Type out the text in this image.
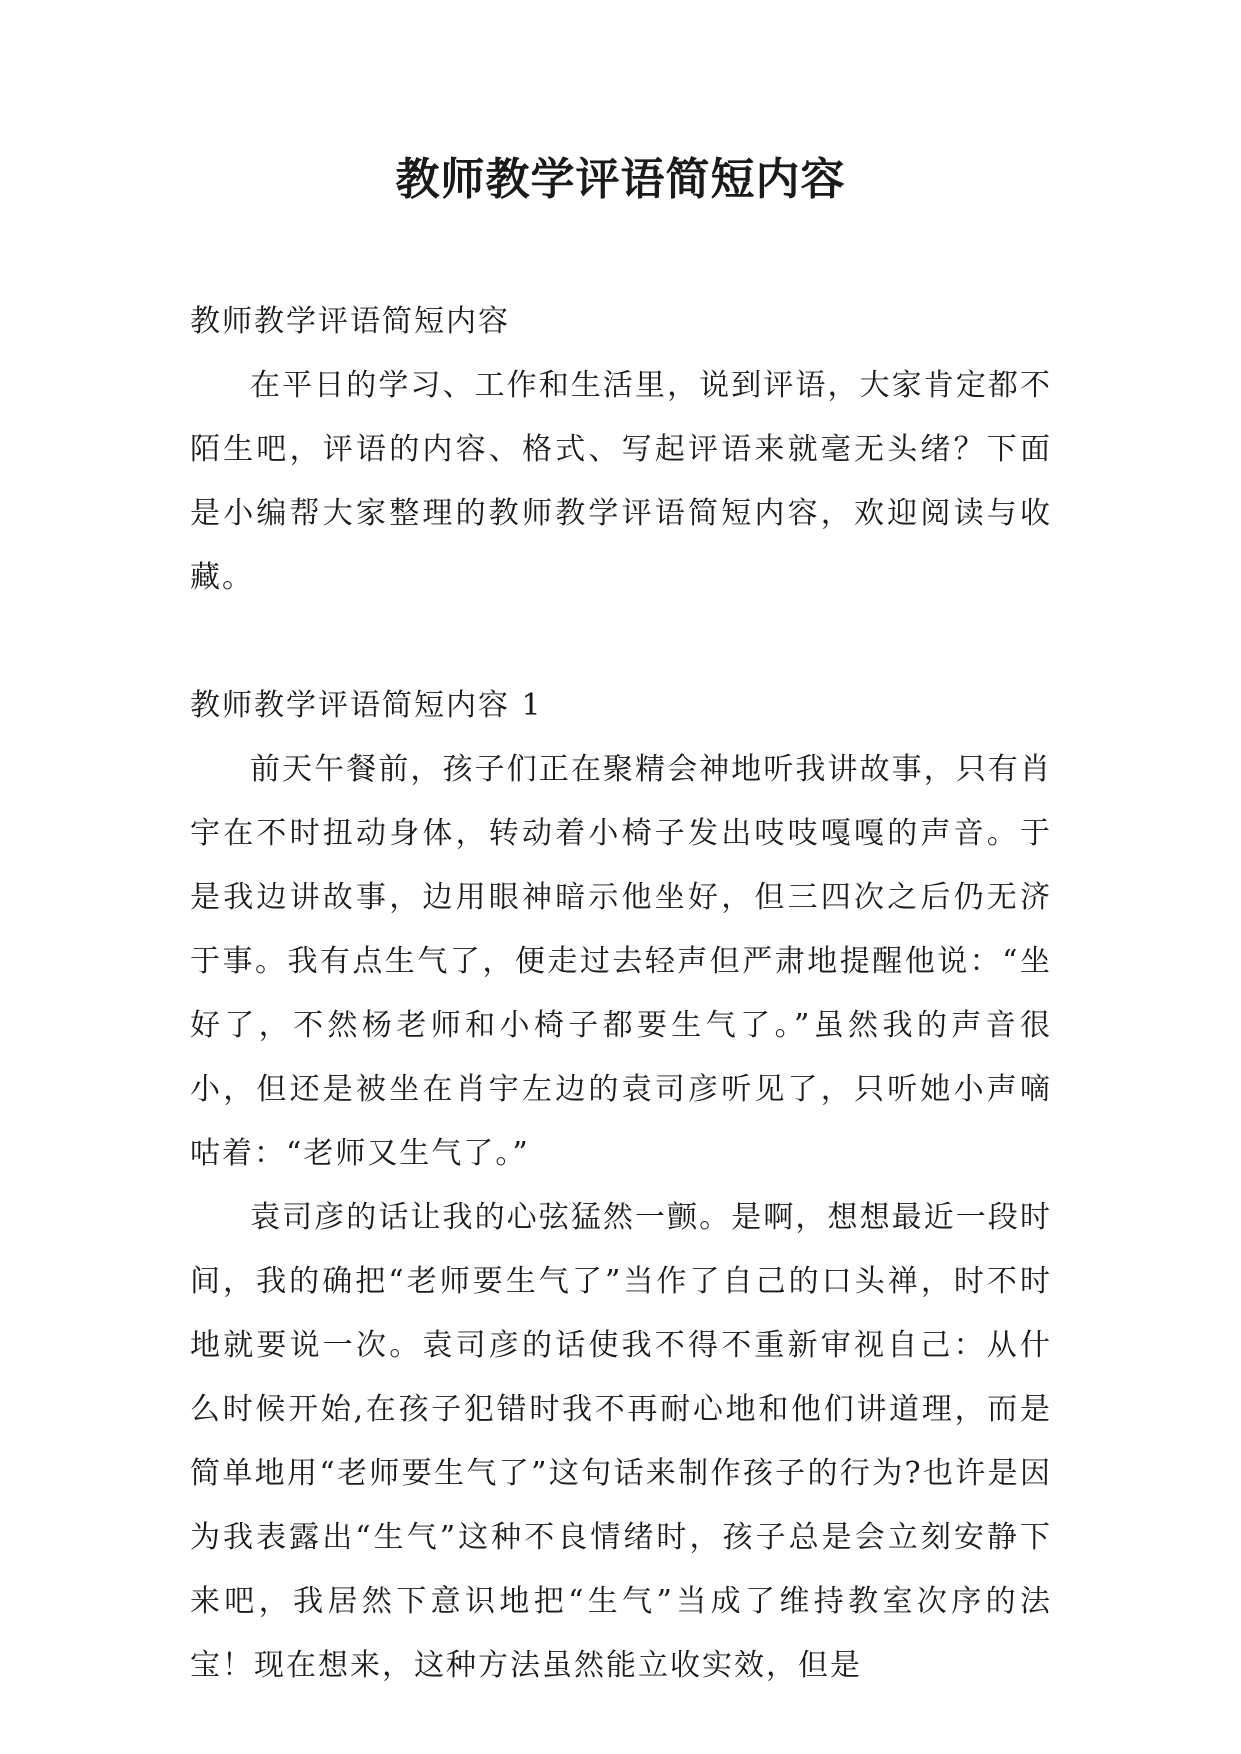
教师教学评语简短内容

教师教学评语简短内容

在平日的学习、工作和生活里，说到评语，大家肯定都不陌生吧，评语的内容、格式、写起评语来就毫无头绪？下面是小编帮大家整理的教师教学评语简短内容，欢迎阅读与收藏。

教师教学评语简短内容 1

前天午餐前，孩子们正在聚精会神地听我讲故事，只有肖宇在不时扭动身体，转动着小椅子发出吱吱嘎嘎的声音。于是我边讲故事，边用眼神暗示他坐好，但三四次之后仍无济于事。我有点生气了，便走过去轻声但严肃地提醒他说：“坐好了，不然杨老师和小椅子都要生气了。”虽然我的声音很小，但还是被坐在肖宇左边的袁司彦听见了，只听她小声嘀咕着：“老师又生气了。”

袁司彦的话让我的心弦猛然一颤。是啊，想想最近一段时间，我的确把“老师要生气了”当作了自己的口头禅，时不时地就要说一次。袁司彦的话使我不得不重新审视自己：从什么时候开始,在孩子犯错时我不再耐心地和他们讲道理，而是简单地用“老师要生气了”这句话来制作孩子的行为?也许是因为我表露出“生气”这种不良情绪时，孩子总是会立刻安静下来吧，我居然下意识地把“生气”当成了维持教室次序的法宝！现在想来，这种方法虽然能立收实效，但是
